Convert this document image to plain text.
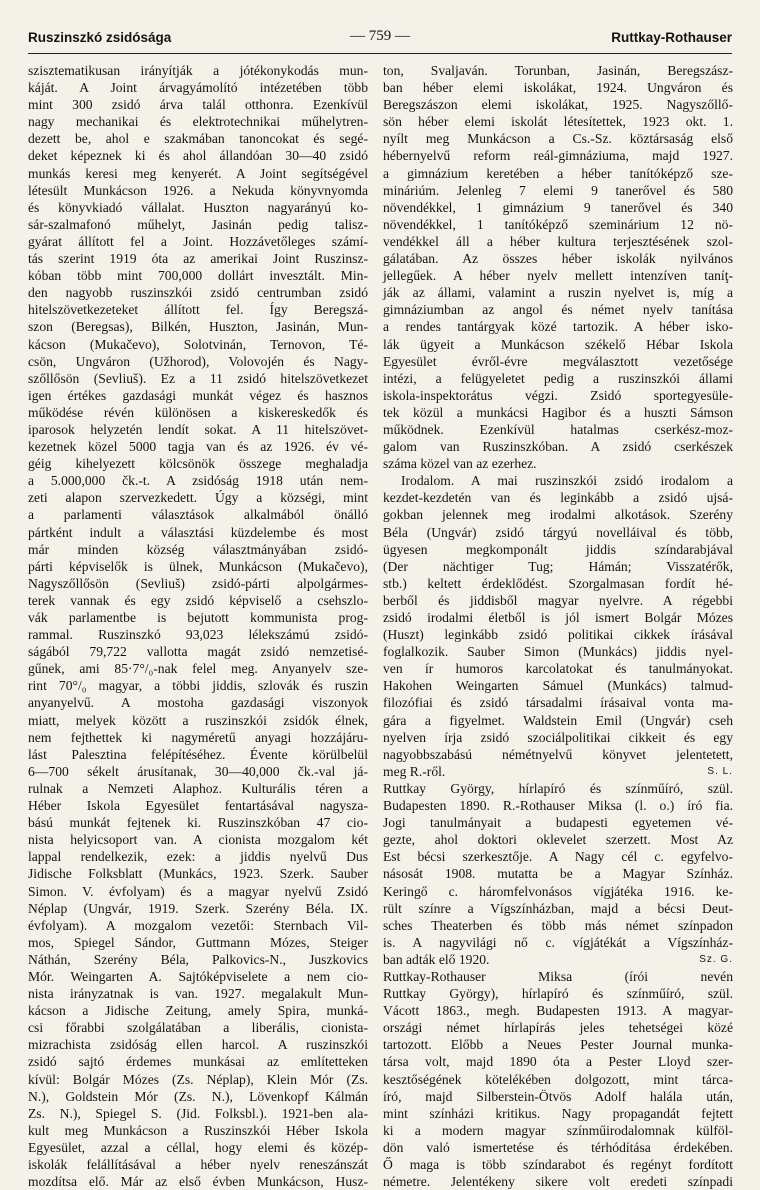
Ruszinszkó zsidósága	— 759 —	Ruttkay-Rothauser
szisztematikusan irányítják a jótékonykodás mun-
káját. A Joint árvagyámolító intézetében több
mint 300 zsidó árva talál otthonra. Ezenkívül
nagy mechanikai és elektrotechnikai műhelytren-
dezett be, ahol e szakmában tanoncokat és segé-
deket képeznek ki és ahol állandóan 30—40 zsidó
munkás keresi meg kenyerét. A Joint segítségével
létesült Munkácson 1926. a Nekuda könyvnyomda
és könyvkiadó vállalat. Huszton nagyarányú ko-
sár-szalmafonó műhelyt, Jasinán pedig talisz-
gyárat állított fel a Joint. Hozzávetőleges számí-
tás szerint 1919 óta az amerikai Joint Ruszinsz-
kóban több mint 700,000 dollárt invesztált. Min-
den nagyobb ruszinszkói zsidó centrumban zsidó
hitelszövetkezeteket állított fel. Így Beregszá-
szon (Beregsas), Bilkén, Huszton, Jasinán, Mun-
kácson (Mukačevo), Solotvinán, Ternovon, Té-
csön, Ungváron (Užhorod), Volovojén és Nagy-
szőllősön (Sevliuš). Ez a 11 zsidó hitelszövetkezet
igen értékes gazdasági munkát végez és hasznos
működése révén különösen a kiskereskedők és
iparosok helyzetén lendít sokat. A 11 hitelszövet-
kezetnek közel 5000 tagja van és az 1926. év vé-
géig kihelyezett kölcsönök összege meghaladja
a 5.000,000 čk.-t. A zsidóság 1918 után nem-
zeti alapon szervezkedett. Úgy a községi, mint
a parlamenti választások alkalmából önálló
pártként indult a választási küzdelembe és most
már minden község választmányában zsidó-
párti képviselők is ülnek, Munkácson (Mukačevo),
Nagyszőllősön (Sevliuš) zsidó-párti alpolgármes-
terek vannak és egy zsidó képviselő a csehszlo-
vák parlamentbe is bejutott kommunista prog-
rammal. Ruszinszkó 93,023 lélekszámú zsidó-
ságából 79,722 vallotta magát zsidó nemzetisé-
gűnek, ami 85·7°/₀-nak felel meg. Anyanyelv sze-
rint 70°/₀ magyar, a többi jiddis, szlovák és ruszin
anyanyelvű. A mostoha gazdasági viszonyok
miatt, melyek között a ruszinszkói zsidók élnek,
nem fejthettek ki nagyméretű anyagi hozzájáru-
lást Palesztina felépítéséhez. Évente körülbelül
6—700 sékelt árusítanak, 30—40,000 čk.-val já-
rulnak a Nemzeti Alaphoz. Kulturális téren a
Héber Iskola Egyesület fentartásával nagysza-
bású munkát fejtenek ki. Ruszinszkóban 47 cio-
nista helyicsoport van. A cionista mozgalom két
lappal rendelkezik, ezek: a jiddis nyelvű Dus
Jidische Folksblatt (Munkács, 1923. Szerk. Sauber
Simon. V. évfolyam) és a magyar nyelvű Zsidó
Néplap (Ungvár, 1919. Szerk. Szerény Béla. IX.
évfolyam). A mozgalom vezetői: Sternbach Vil-
mos, Spiegel Sándor, Guttmann Mózes, Steiger
Náthán, Szerény Béla, Palkovics-N., Juszkovics
Mór. Weingarten A. Sajtóképviselete a nem cio-
nista irányzatnak is van. 1927. megalakult Mun-
kácson a Jidische Zeitung, amely Spira, munká-
csi főrabbi szolgálatában a liberális, cionista-
mizrachista zsidóság ellen harcol. A ruszinszkói
zsidó sajtó érdemes munkásai az említetteken
kívül: Bolgár Mózes (Zs. Néplap), Klein Mór (Zs.
N.), Goldstein Mór (Zs. N.), Lövenkopf Kálmán
Zs. N.), Spiegel S. (Jid. Folksbl.). 1921-ben ala-
kult meg Munkácson a Ruszinszkói Héber Iskola
Egyesület, azzal a céllal, hogy elemi és közép-
iskolák felállításával a héber nyelv reneszánszát
mozdítsa elő. Már az első évben Munkácson, Husz-
ton, Svaljaván. Torunban, Jasinán, Beregszász-
ban héber elemi iskolákat, 1924. Ungváron és
Beregszászon elemi iskolákat, 1925. Nagyszőllő-
sön héber elemi iskolát létesítettek, 1923 okt. 1.
nyílt meg Munkácson a Cs.-Sz. köztársaság első
hébernyelvű reform reál-gimnáziuma, majd 1927.
a gimnázium keretében a héber tanítóképző sze-
mináriúm. Jelenleg 7 elemi 9 tanerővel és 580
növendékkel, 1 gimnázium 9 tanerővel és 340
növendékkel, 1 tanítóképző szeminárium 12 nö-
vendékkel áll a héber kultura terjesztésének szol-
gálatában. Az összes héber iskolák nyilvános
jellegűek. A héber nyelv mellett intenzíven taníţ-
ják az állami, valamint a ruszin nyelvet is, míg a
gimnáziumban az angol és német nyelv tanítása
a rendes tantárgyak közé tartozik. A héber isko-
lák ügyeit a Munkácson székelő Hébar Iskola
Egyesület évről-évre megválasztott vezetősége
intézi, a felügyeletet pedig a ruszinszkói állami
iskola-inspektorátus végzi. Zsidó sportegyesüle-
tek közül a munkácsi Hagibor és a huszti Sámson
működnek. Ezenkívül hatalmas cserkész-moz-
galom van Ruszinszkóban. A zsidó cserkészek
száma közel van az ezerhez.
Irodalom. A mai ruszinszkói zsidó irodalom a
kezdet-kezdetén van és leginkább a zsidó ujsá-
gokban jelennek meg irodalmi alkotások. Szerény
Béla (Ungvár) zsidó tárgyú novelláival és több,
ügyesen megkomponált jiddis színdarabjával
(Der nächtiger Tug; Hámán; Visszatérők,
stb.) keltett érdeklődést. Szorgalmasan fordít hé-
berből és jiddisből magyar nyelvre. A régebbi
zsidó irodalmi életből is jól ismert Bolgár Mózes
(Huszt) leginkább zsidó politikai cikkek írásával
foglalkozik. Sauber Simon (Munkács) jiddis nyel-
ven ír humoros karcolatokat és tanulmányokat.
Hakohen Weingarten Sámuel (Munkács) talmud-
filozófiai és zsidó társadalmi írásaival vonta ma-
gára a figyelmet. Waldstein Emil (Ungvár) cseh
nyelven írja zsidó szociálpolitikai cikkeit és egy
nagyobbszabású némétnyelvű könyvet jelentetett,
meg R.-ről.	S. L.
Ruttkay György, hírlapíró és színműíró, szül.
Budapesten 1890. R.-Rothauser Miksa (l. o.) író fia.
Jogi tanulmányait a budapesti egyetemen vé-
gezte, ahol doktori oklevelet szerzett. Most Az
Est bécsi szerkesztője. A Nagy cél c. egyfelvo-
násosát 1908. mutatta be a Magyar Színház.
Keringő c. háromfelvonásos vígjátéka 1916. ke-
rült színre a Vígszínházban, majd a bécsi Deut-
sches Theaterben és több más német színpadon
is. A nagyvilági nő c. vígjátékát a Vígszínház-
ban adták elő 1920.	Sz. G.
Ruttkay-Rothauser Miksa (írói nevén
Ruttkay György), hírlapíró és színműíró, szül.
Vácott 1863., megh. Budapesten 1913. A magyar-
országi német hírlapírás jeles tehetségei közé
tartozott. Előbb a Neues Pester Journal munka-
társa volt, majd 1890 óta a Pester Lloyd szer-
kesztőségének kötelékében dolgozott, mint tárca-
író, majd Silberstein-Ötvös Adolf halála után,
mint színházi kritikus. Nagy propagandát fejtett
ki a modern magyar színműirodalomnak külföl-
dön való ismertetése és térhódítása érdekében.
Ő maga is több színdarabot és regényt fordított
németre. Jelentékeny sikere volt eredeti színpadi
